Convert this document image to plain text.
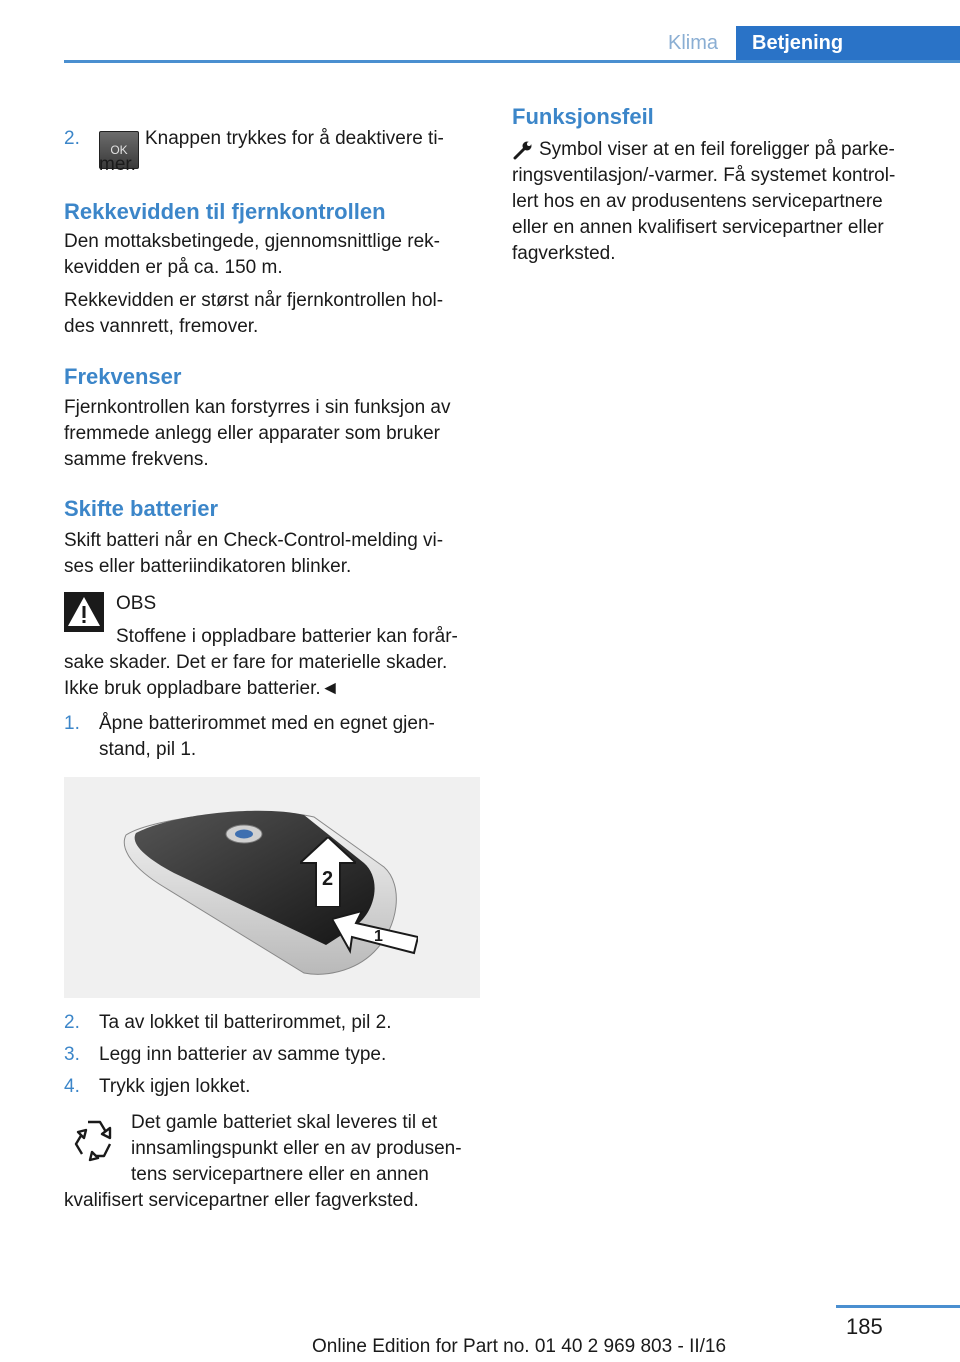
Klima	Betjening
2.
OKKnappen trykkes for å deaktivere ti-
mer.
Rekkevidden til fjernkontrollen

Den mottaksbetingede, gjennomsnittlige rek-

kevidden er på ca. 150 m.

Rekkevidden er størst når fjernkontrollen hol-

des vannrett, fremover.

Frekvenser

Fjernkontrollen kan forstyrres i sin funksjon av

fremmede anlegg eller apparater som bruker

samme frekvens.

Skifte batterier

Skift batteri når en Check-Control-melding vi-

ses eller batteriindikatoren blinker.

OBS

Stoffene i oppladbare batterier kan forår-

sake skader. Det er fare for materielle skader.

Ikke bruk oppladbare batterier.◄

1. Åpne batterirommet med en egnet gjen-
stand, pil 1.
2
1
2. Ta av lokket til batterirommet, pil 2.
3. Legg inn batterier av samme type.
4. Trykk igjen lokket.

Det gamle batteriet skal leveres til et

innsamlingspunkt eller en av produsen-

tens servicepartnere eller en annen

kvalifisert servicepartner eller fagverksted.

Funksjonsfeil

Symbol viser at en feil foreligger på parke-

ringsventilasjon/-varmer. Få systemet kontrol-

lert hos en av produsentens servicepartnere

eller en annen kvalifisert servicepartner eller

fagverksted.

185
Online Edition for Part no. 01 40 2 969 803 - II/16
